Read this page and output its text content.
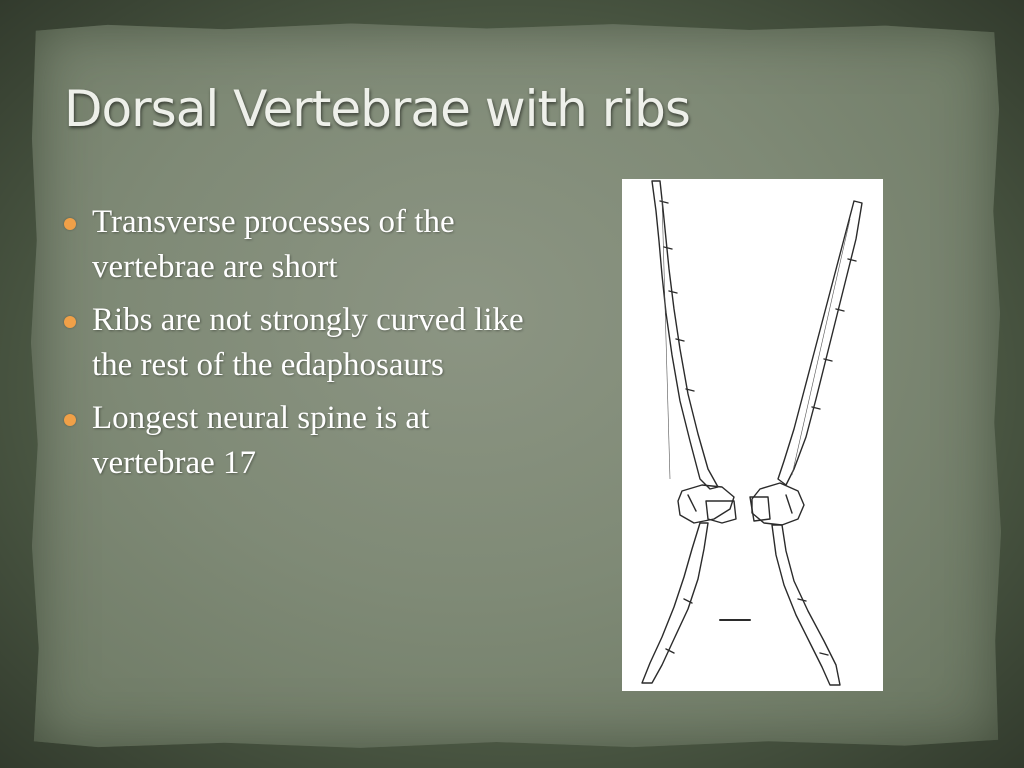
Dorsal Vertebrae with ribs
Transverse processes of the vertebrae are short
Ribs are not strongly curved like the rest of the edaphosaurs
Longest neural spine is at vertebrae 17
